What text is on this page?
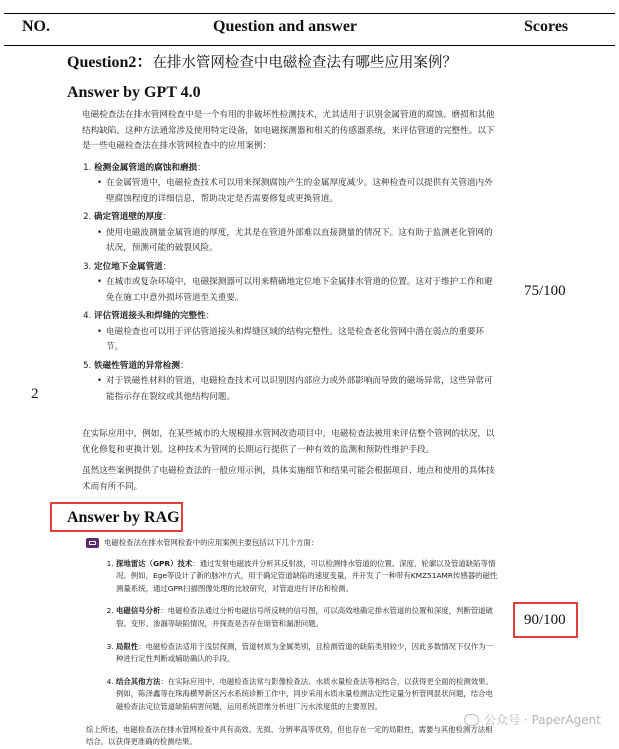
NO.	Question and answer	Scores
Question2：在排水管网检查中电磁检查法有哪些应用案例？
2
Answer by GPT 4.0

电磁检查法在排水管网检查中是一个有用的非破坏性检测技术，尤其适用于识别金属管道的腐蚀、磨损和其他结构缺陷。这种方法通常涉及使用特定设备，如电磁探测器和相关的传感器系统，来评估管道的完整性。以下是一些电磁检查法在排水管网检查中的应用案例：

1. 检测金属管道的腐蚀和磨损：
• 在金属管道中，电磁检查技术可以用来探测腐蚀产生的金属厚度减少。这种检查可以提供有关管道内外壁腐蚀程度的详细信息，帮助决定是否需要修复或更换管道。
2. 确定管道壁的厚度：
• 使用电磁波测量金属管道的厚度，尤其是在管道外部难以直接测量的情况下。这有助于监测老化管网的状况，预测可能的破裂风险。
3. 定位地下金属管道：
• 在城市或复杂环境中，电磁探测器可以用来精确地定位地下金属排水管道的位置。这对于维护工作和避免在施工中意外损坏管道至关重要。
4. 评估管道接头和焊缝的完整性：
• 电磁检查也可以用于评估管道接头和焊缝区域的结构完整性。这是检查老化管网中潜在弱点的重要环节。
5. 铁磁性管道的异常检测：
• 对于铁磁性材料的管道，电磁检查技术可以识别因内部应力或外部影响而导致的磁场异常，这些异常可能指示存在裂纹或其他结构问题。

在实际应用中，例如，在某些城市的大规模排水管网改造项目中，电磁检查法被用来评估整个管网的状况，以优化修复和更换计划。这种技术为管网的长期运行提供了一种有效的监测和预防性维护手段。

虽然这些案例提供了电磁检查法的一般应用示例，具体实施细节和结果可能会根据项目、地点和使用的具体技术而有所不同。

75/100
Answer by RAG
电磁检查法在排水管网检查中的应用案例主要包括以下几个方面：
1. 探地雷达（GPR）技术：通过发射电磁波并分析其反射波，可以检测排水管道的位置、深度、轮廓以及管道缺陷等情况。例如，Ege等设计了新的脉冲方式，用于确定管道缺陷的速度变量，并开发了一种带有KMZ51AMR传感器的磁性测量系统，通过GPR扫描图像处理的比较研究，对管道进行评估和检测。
2. 电磁信号分析：电磁检查法通过分析电磁信号所反映的信号图，可以高效地确定排水管道的位置和深度，判断管道破裂、变形、渗漏等缺陷情况，并探查是否存在暗管和漏泄问题。
3. 局限性：电磁检查法适用于浅层探测，管道材质为金属类别，且检测管道的缺陷类别较少，因此多数情况下仅作为一种进行定性判断或辅助确认的手段。
4. 结合其他方法：在实际应用中，电磁检查法常与影像检查法、水质水量检查法等相结合，以获得更全面的检测效果。例如，陈泽鑫等在珠海横琴新区污水系统诊断工作中，同步采用水质水量检测法定性定量分析管网混状问题，结合电磁检查法定位管道缺陷病害问题，运用系统思维分析进厂污水浓度低的主要原因。
综上所述，电磁检查法在排水管网检查中具有高效、无损、分辨率高等优势，但也存在一定的局限性，需要与其他检测方法相结合，以获得更准确的检测结果。
90/100
公众号 · PaperAgent
